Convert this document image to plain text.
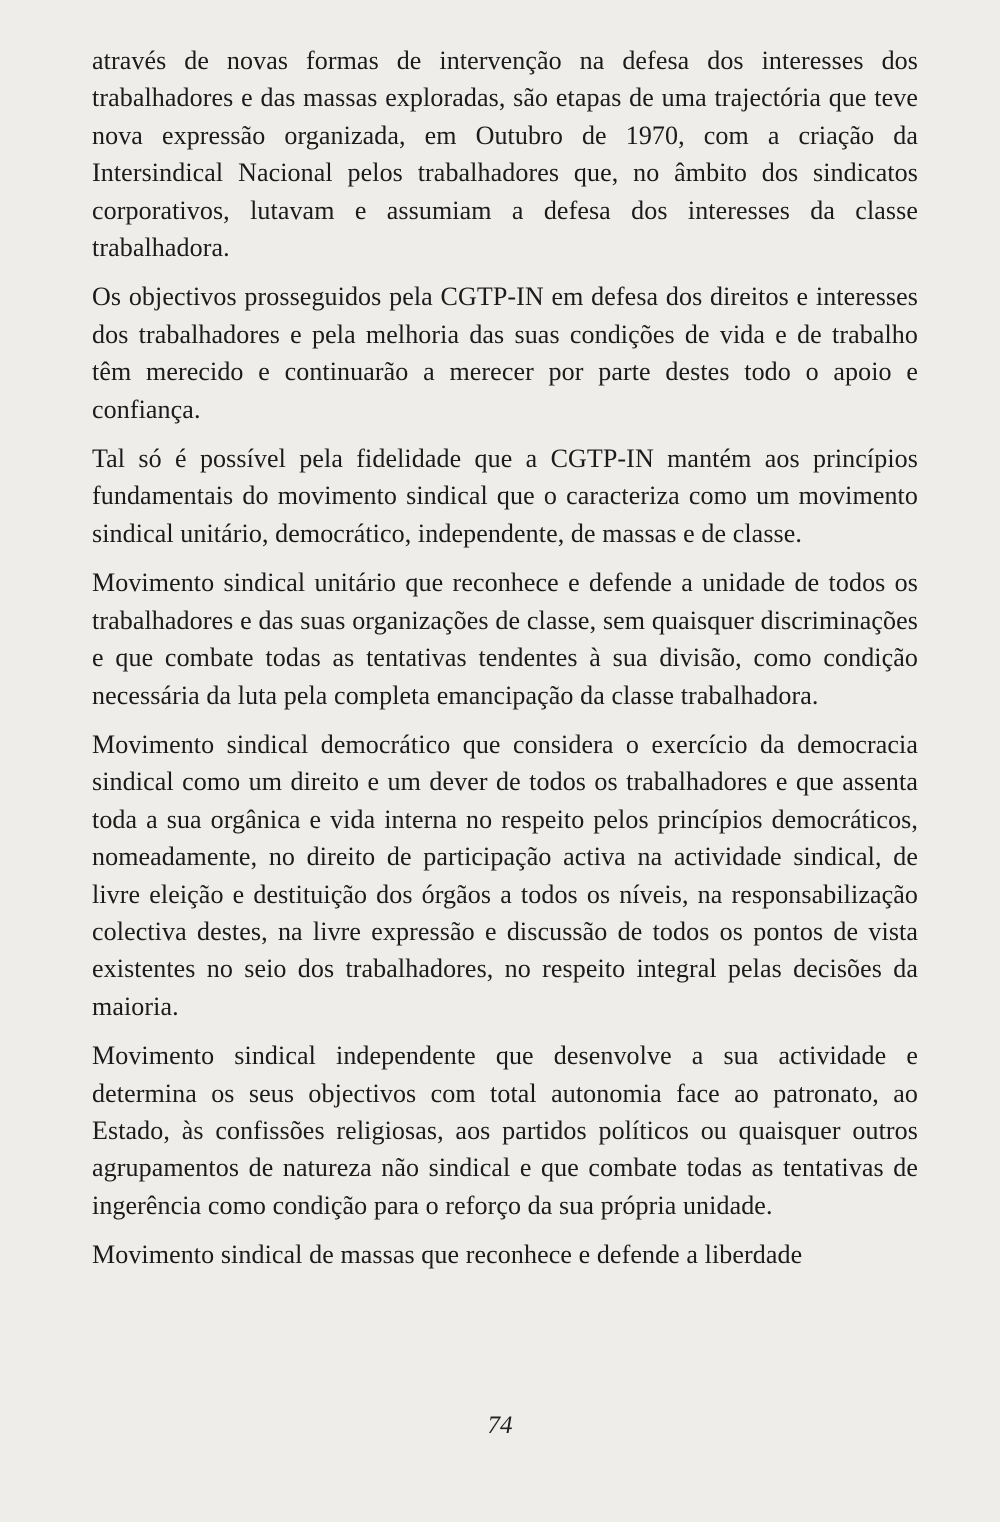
através de novas formas de intervenção na defesa dos interesses dos trabalhadores e das massas exploradas, são etapas de uma trajectória que teve nova expressão organizada, em Outubro de 1970, com a criação da Intersindical Nacional pelos trabalhadores que, no âmbito dos sindicatos corporativos, lutavam e assumiam a defesa dos interesses da classe trabalhadora.

Os objectivos prosseguidos pela CGTP-IN em defesa dos direitos e interesses dos trabalhadores e pela melhoria das suas condições de vida e de trabalho têm merecido e continuarão a merecer por parte destes todo o apoio e confiança.

Tal só é possível pela fidelidade que a CGTP-IN mantém aos princípios fundamentais do movimento sindical que o caracteriza como um movimento sindical unitário, democrático, independente, de massas e de classe.

Movimento sindical unitário que reconhece e defende a unidade de todos os trabalhadores e das suas organizações de classe, sem quaisquer discriminações e que combate todas as tentativas tendentes à sua divisão, como condição necessária da luta pela completa emancipação da classe trabalhadora.

Movimento sindical democrático que considera o exercício da democracia sindical como um direito e um dever de todos os trabalhadores e que assenta toda a sua orgânica e vida interna no respeito pelos princípios democráticos, nomeadamente, no direito de participação activa na actividade sindical, de livre eleição e destituição dos órgãos a todos os níveis, na responsabilização colectiva destes, na livre expressão e discussão de todos os pontos de vista existentes no seio dos trabalhadores, no respeito integral pelas decisões da maioria.

Movimento sindical independente que desenvolve a sua actividade e determina os seus objectivos com total autonomia face ao patronato, ao Estado, às confissões religiosas, aos partidos políticos ou quaisquer outros agrupamentos de natureza não sindical e que combate todas as tentativas de ingerência como condição para o reforço da sua própria unidade.

Movimento sindical de massas que reconhece e defende a liberdade

74
